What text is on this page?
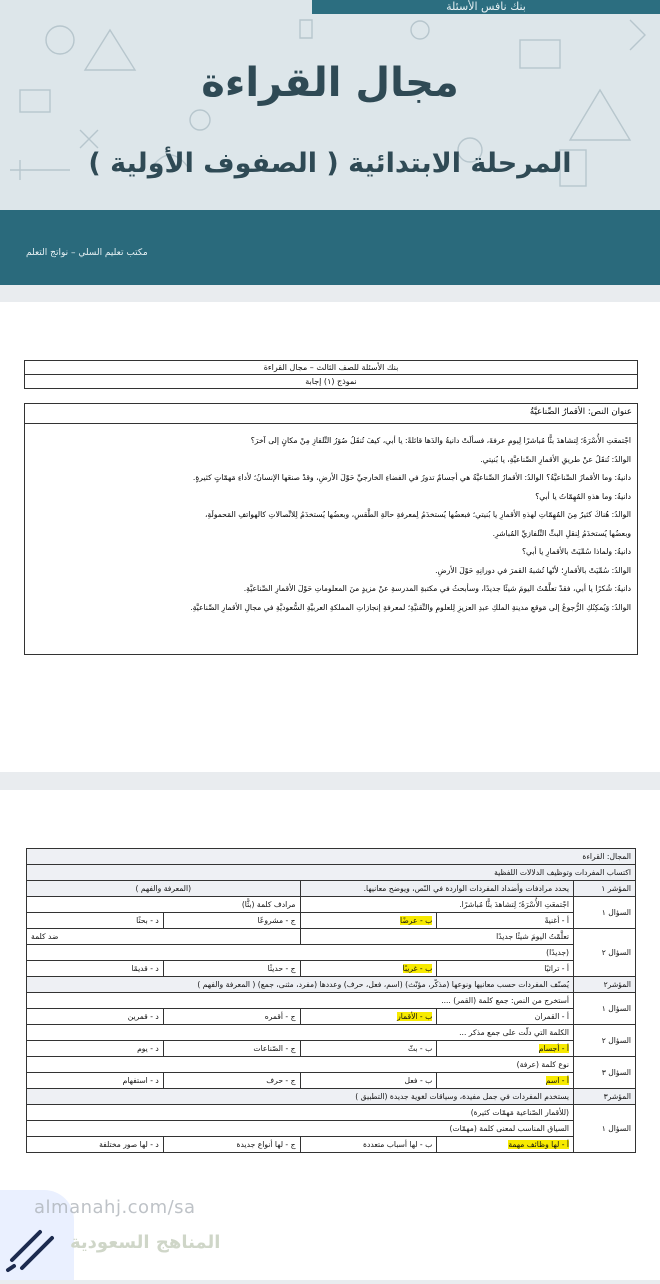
بنك نافس الأسئلة
مجال القراءة
المرحلة الابتدائية ( الصفوف الأولية )
مكتب تعليم السلي – نواتج التعلم
بنك الأسئلة للصف الثالث – مجال القراءة
نموذج (١) إجابة
عنوان النص: الأقمارُ الصِّناعيَّةُ
اجْتمعَتِ الأُسْرَةُ؛ لِتشاهدَ بثًّا مُباشرًا لِيومِ عرفةَ، فسألَتْ دانيةُ والدَها قائلةً: يا أبي، كيفَ تُنقَلُ صُوَرُ التِّلفازِ مِنْ مكانٍ إلى آخرَ؟
الوالدُ: تُنقَلُ عنْ طريقِ الأقمارِ الصِّناعيَّةِ، يا بُنيتي.
دانيةُ: وما الأقمارُ الصِّناعيَّةُ؟ الوالدُ: الأقمارُ الصِّناعيَّةُ هي أجسامٌ تدورُ في الفضاءِ الخارجيِّ حَوْلَ الأرضِ، وقدْ صنعَها الإنسانُ؛ لأداءِ مَهمّاتٍ كثيرةٍ.
دانيةُ: وما هذهِ المُهِمّاتُ يا أبي؟
الوالدُ: هُناكَ كثيرٌ مِنَ المُهِمّاتِ لهذهِ الأقمارِ يا بُنيتي؛ فبعضُها يُستخدَمُ لِمعرفةِ حالةِ الطَّقسِ، وبعضُها يُستخدَمُ لِلاتِّصالاتِ كالهواتفِ المَحمولَةِ،
وبعضُها يُستخدَمُ لِنقلِ البثِّ التِّلفازيِّ المُباشرِ.
دانيةُ: ولماذا سُمِّيَتْ بالأقمارِ يا أبي؟
الوالدُ: سُمِّيَتْ بالأقمارِ؛ لأنّها تُشبهُ القمرَ في دورانِهِ حَوْلَ الأرضِ.
دانيةُ: شُكرًا يا أبي، فقدْ تعلَّمْتُ اليومَ شيئًا جديدًا، وسأبحثُ في مكتبةِ المدرسةِ عنْ مزيدٍ منَ المعلوماتِ حَوْلَ الأقمارِ الصِّناعيَّةِ.
الوالدُ: وَيُمكِنُكِ الرُّجوعُ إلى مَوقعِ مدينةِ الملكِ عبدِ العزيزِ لِلعلومِ والتِّقنيَّةِ؛ لمعرفةِ إنجازاتِ المملكةِ العربيَّةِ السُّعوديَّةِ في مجالِ الأقمارِ الصِّناعيَّةِ.
المجال: القراءة				
اكتساب المفردات وتوظيف الدلالات اللفظية				
المؤشر ١	يحدد مرادفات وأضداد المفردات الواردة في النّص، ويوضح معانيها.		(المعرفة والفهم )	
السؤال ١	اجْتمعَتِ الأُسْرَةُ؛ لِتشاهدَ بثًّا مُباشرًا.		مرادف كلمة (بثًّا)	
	أ - أغنيةً	ب - عرضًا	ج - مشروعًا	د - بحثًا
السؤال ٢	تعلَّمْتُ اليومَ شيئًا جديدًا		ضد كلمة	
	(جديدًا)			
	أ - تراثيًا	ب - غريبًا	ج - حديثًا	د - قديمًا
المؤشر٢	يُصنّف المفردات حسب معانيها ونوعها (مذكّر، مؤنّث) (اسم، فعل، حرف) وعددها (مفرد، مثنى، جمع) ( المعرفة والفهم )			
السؤال ١	أستخرج من النص: جمع كلمة (القمر) ....			
	أ - القمران	ب - الأقمار	ج - أقمره	د - قمرين
السؤال ٢	الكلمة التي دلّت على جمع مذكر ...			
	أ - أجسام	ب - بثّ	ج - الصّناعات	د - يوم
السؤال ٣	نوع كلمة (عرفة)			
	أ - اسم	ب - فعل	ج - حرف	د - استفهام
المؤشر٣	يستخدم المفردات في جمل مفيدة، وسياقات لغوية جديدة (التطبيق )			
السؤال ١	(للأقمار الصّناعية مَهمّات كثيرة)			
	السياق المناسب لمعنى كلمة (مهمّات)			
	أ - لها وظائف مهمة	ب - لها أسباب متعددة	ج - لها أنواع جديدة	د - لها صور مختلفة
almanahj.com/sa
المناهج السعودية
